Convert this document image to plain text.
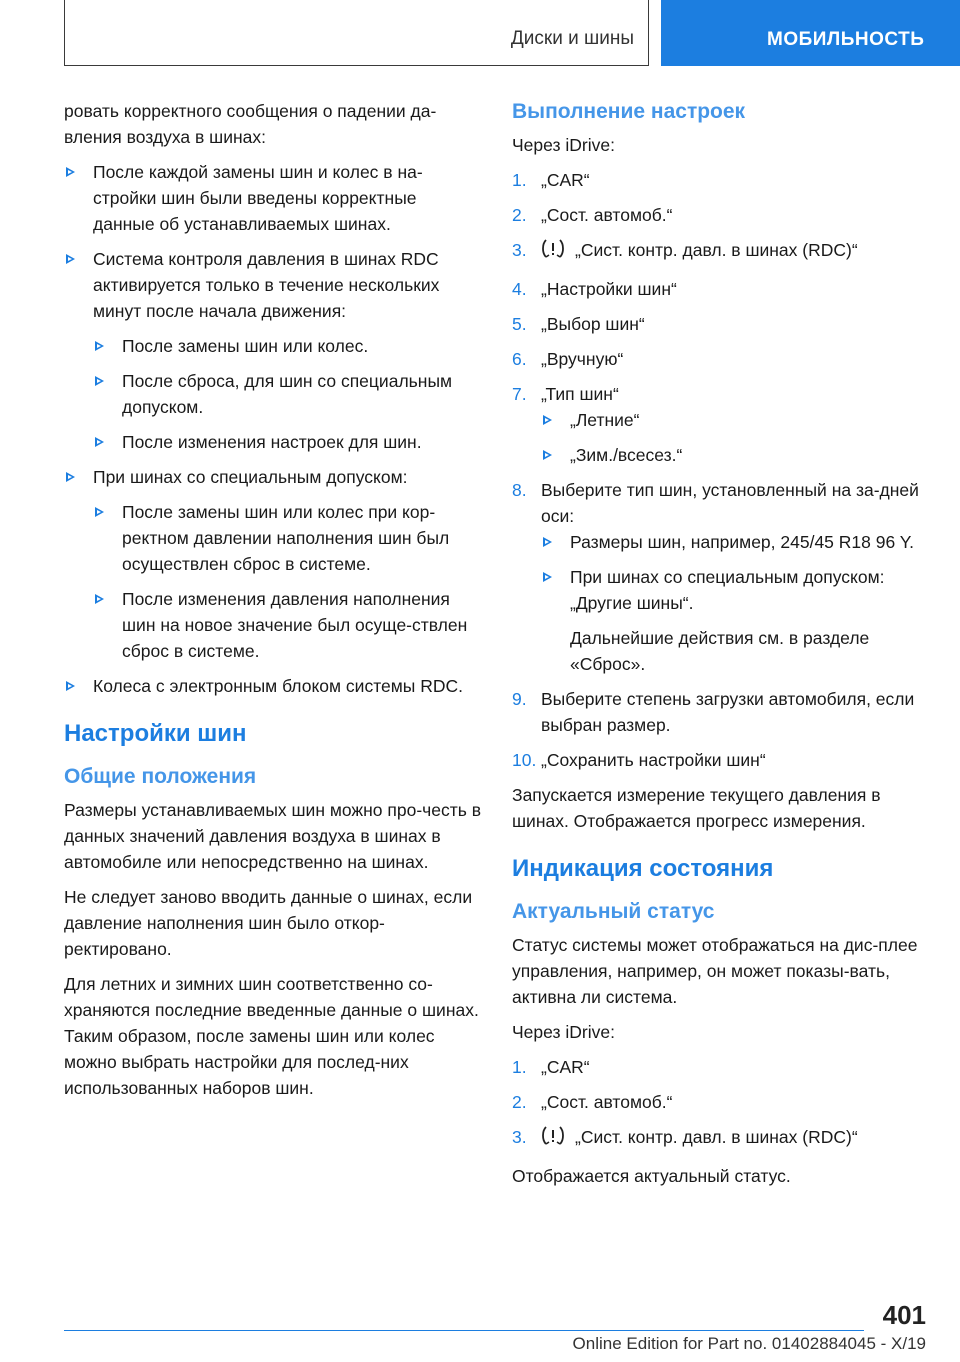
Диски и шины	МОБИЛЬНОСТЬ

ровать корректного сообщения о падении да-вления воздуха в шинах:

После каждой замены шин и колес в на-стройки шин были введены корректные данные об устанавливаемых шинах.
Система контроля давления в шинах RDC активируется только в течение нескольких минут после начала движения:
После замены шин или колес.
После сброса, для шин со специальным допуском.
После изменения настроек для шин.
При шинах со специальным допуском:
После замены шин или колес при кор-ректном давлении наполнения шин был осуществлен сброс в системе.
После изменения давления наполнения шин на новое значение был осуще-ствлен сброс в системе.
Колеса с электронным блоком системы RDC.
Настройки шин
Общие положения

Размеры устанавливаемых шин можно про-честь в данных значений давления воздуха в шинах в автомобиле или непосредственно на шинах.

Не следует заново вводить данные о шинах, если давление наполнения шин было откор-ректировано.

Для летних и зимних шин соответственно со-храняются последние введенные данные о шинах. Таким образом, после замены шин или колес можно выбрать настройки для послед-них использованных наборов шин.

Выполнение настроек

Через iDrive:

1. „CAR“
2. „Сост. автомоб.“
3.	„Сист. контр. давл. в шинах (RDC)“
4. „Настройки шин“
5. „Выбор шин“
6. „Вручную“
7. „Тип шин“
„Летние“
„Зим./всесез.“
8. Выберите тип шин, установленный на за-дней оси:
Размеры шин, например, 245/45 R18 96 Y.
При шинах со специальным допуском: „Другие шины“.

Дальнейшие действия см. в разделе «Сброс».

9. Выберите степень загрузки автомобиля, если выбран размер.
10. „Сохранить настройки шин“

Запускается измерение текущего давления в шинах. Отображается прогресс измерения.

Индикация состояния
Актуальный статус

Статус системы может отображаться на дис-плее управления, например, он может показы-вать, активна ли система.

Через iDrive:

1. „CAR“
2. „Сост. автомоб.“
3.	„Сист. контр. давл. в шинах (RDC)“

Отображается актуальный статус.

401
Online Edition for Part no. 01402884045 - X/19
